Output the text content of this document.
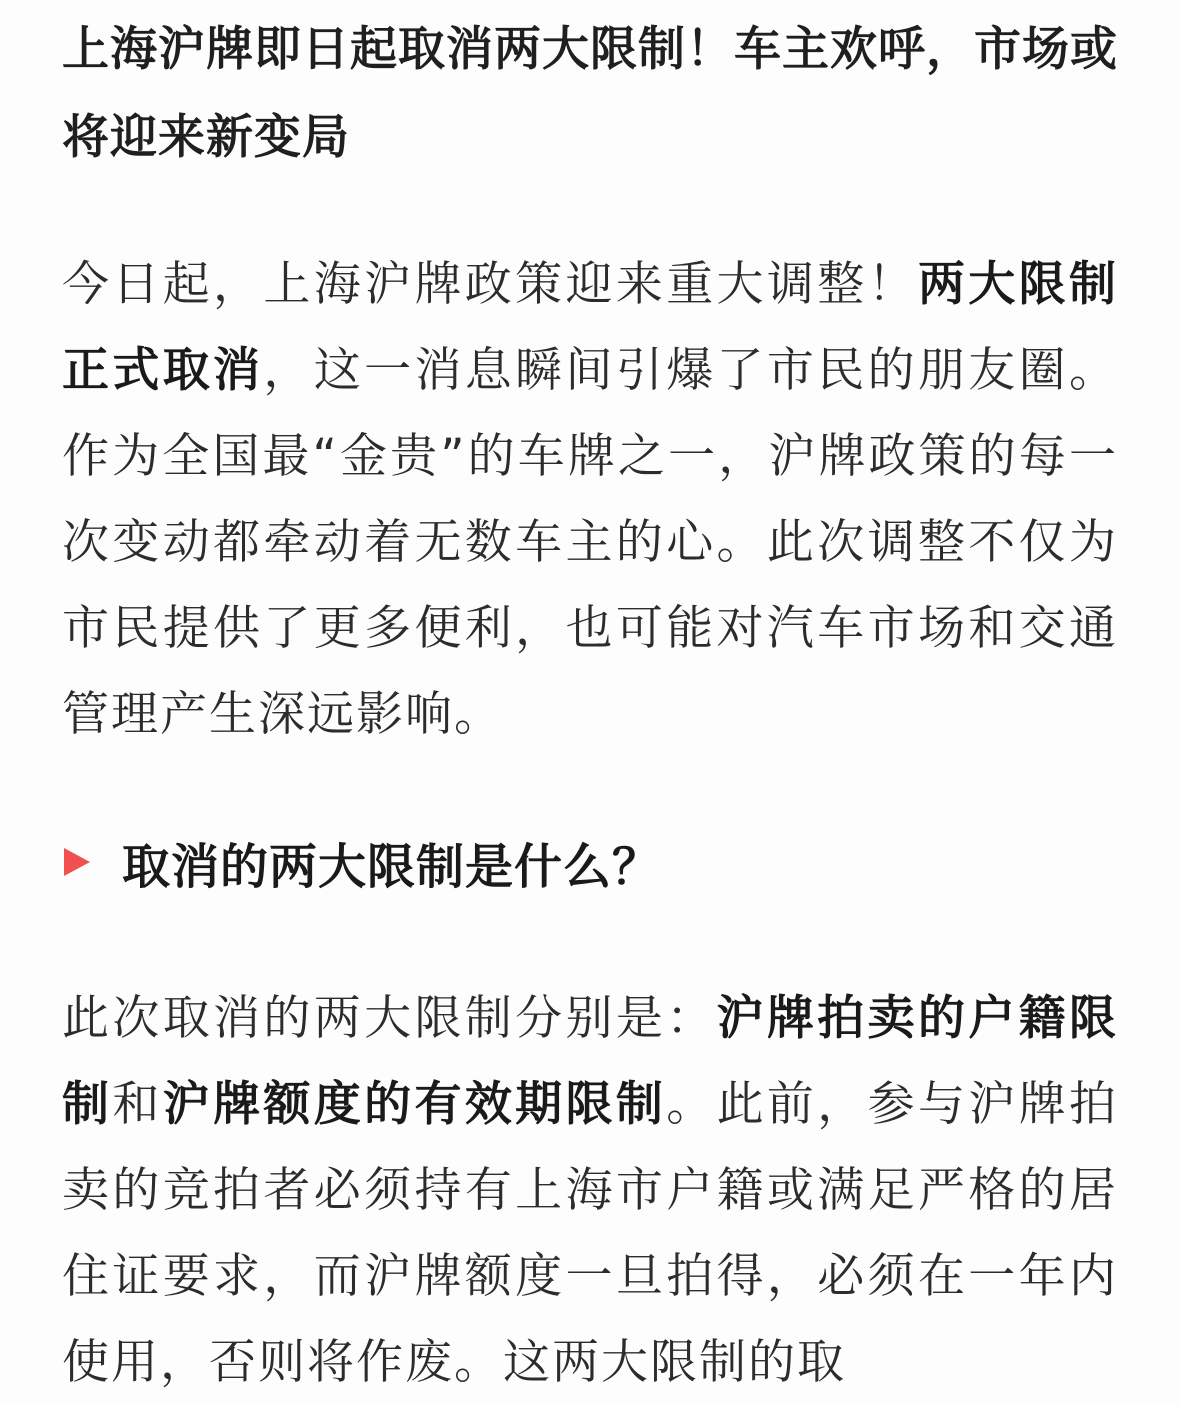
上海沪牌即日起取消两大限制！车主欢呼，市场或将迎来新变局

今日起，上海沪牌政策迎来重大调整！两大限制正式取消，这一消息瞬间引爆了市民的朋友圈。作为全国最“金贵”的车牌之一，沪牌政策的每一次变动都牵动着无数车主的心。此次调整不仅为市民提供了更多便利，也可能对汽车市场和交通管理产生深远影响。

取消的两大限制是什么？

此次取消的两大限制分别是：沪牌拍卖的户籍限制和沪牌额度的有效期限制。此前，参与沪牌拍卖的竞拍者必须持有上海市户籍或满足严格的居住证要求，而沪牌额度一旦拍得，必须在一年内使用，否则将作废。这两大限制的取
